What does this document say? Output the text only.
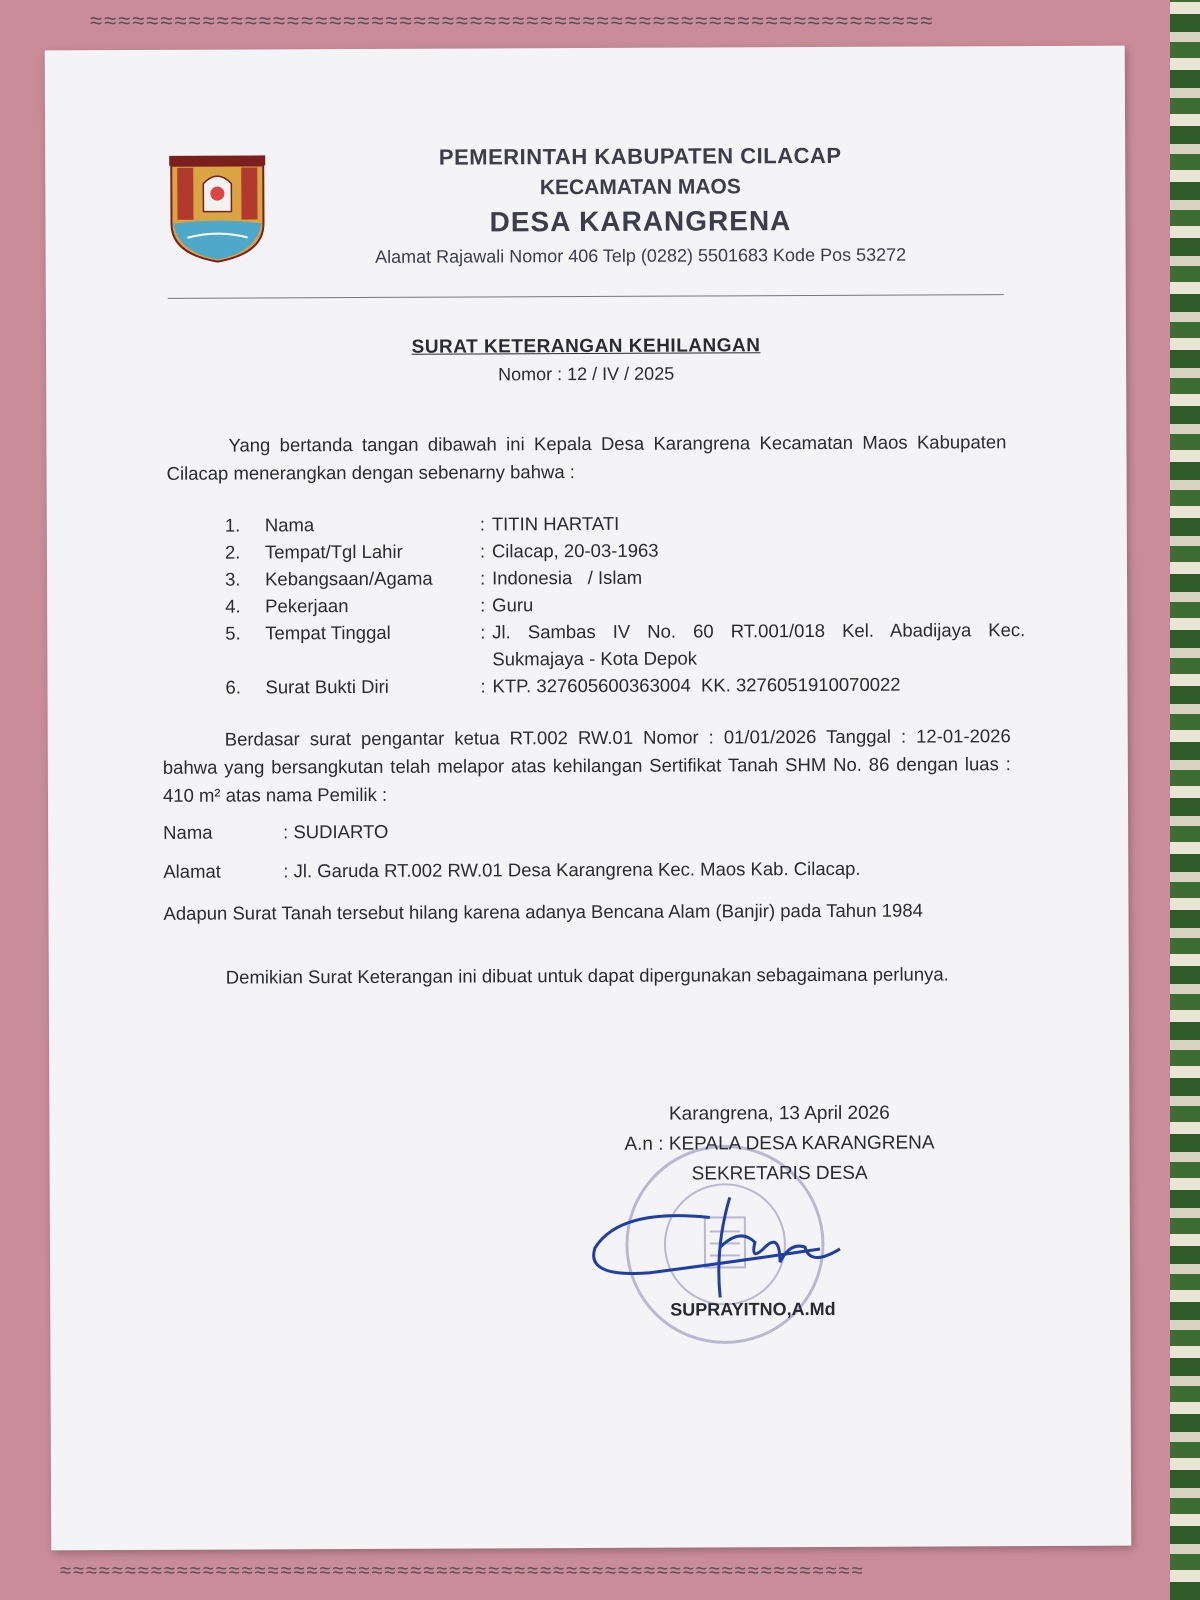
≈≈≈≈≈≈≈≈≈≈≈≈≈≈≈≈≈≈≈≈≈≈≈≈≈≈≈≈≈≈≈≈≈≈≈≈≈≈≈≈≈≈≈≈≈≈≈≈≈≈≈≈≈≈≈≈≈≈≈≈
PEMERINTAH KABUPATEN CILACAP
KECAMATAN MAOS
DESA KARANGRENA
Alamat Rajawali Nomor 406 Telp (0282) 5501683 Kode Pos 53272
SURAT KETERANGAN KEHILANGAN
Nomor : 12 / IV / 2025
Yang bertanda tangan dibawah ini Kepala Desa Karangrena Kecamatan Maos Kabupaten Cilacap menerangkan dengan sebenarny bahwa :
1.	Nama	: TITIN HARTATI
2.	Tempat/Tgl Lahir	: Cilacap, 20-03-1963
3.	Kebangsaan/Agama	: Indonesia   / Islam
4.	Pekerjaan	: Guru
5.	Tempat Tinggal	: Jl. Sambas IV No. 60 RT.001/018 Kel. Abadijaya Kec. Sukmajaya - Kota Depok
6.	Surat Bukti Diri	: KTP. 327605600363004  KK. 3276051910070022
Berdasar surat pengantar ketua RT.002 RW.01 Nomor : 01/01/2026 Tanggal : 12-01-2026 bahwa yang bersangkutan telah melapor atas kehilangan Sertifikat Tanah SHM No. 86 dengan luas : 410 m² atas nama Pemilik :
Nama	: SUDIARTO
Alamat	: Jl. Garuda RT.002 RW.01 Desa Karangrena Kec. Maos Kab. Cilacap.
Adapun Surat Tanah tersebut hilang karena adanya Bencana Alam (Banjir) pada Tahun 1984
Demikian Surat Keterangan ini dibuat untuk dapat dipergunakan sebagaimana perlunya.
Karangrena, 13 April 2026
A.n : KEPALA DESA KARANGRENA
SEKRETARIS DESA
SUPRAYITNO,A.Md
≈≈≈≈≈≈≈≈≈≈≈≈≈≈≈≈≈≈≈≈≈≈≈≈≈≈≈≈≈≈≈≈≈≈≈≈≈≈≈≈≈≈≈≈≈≈≈≈≈≈≈≈≈≈≈≈≈≈≈≈≈≈
